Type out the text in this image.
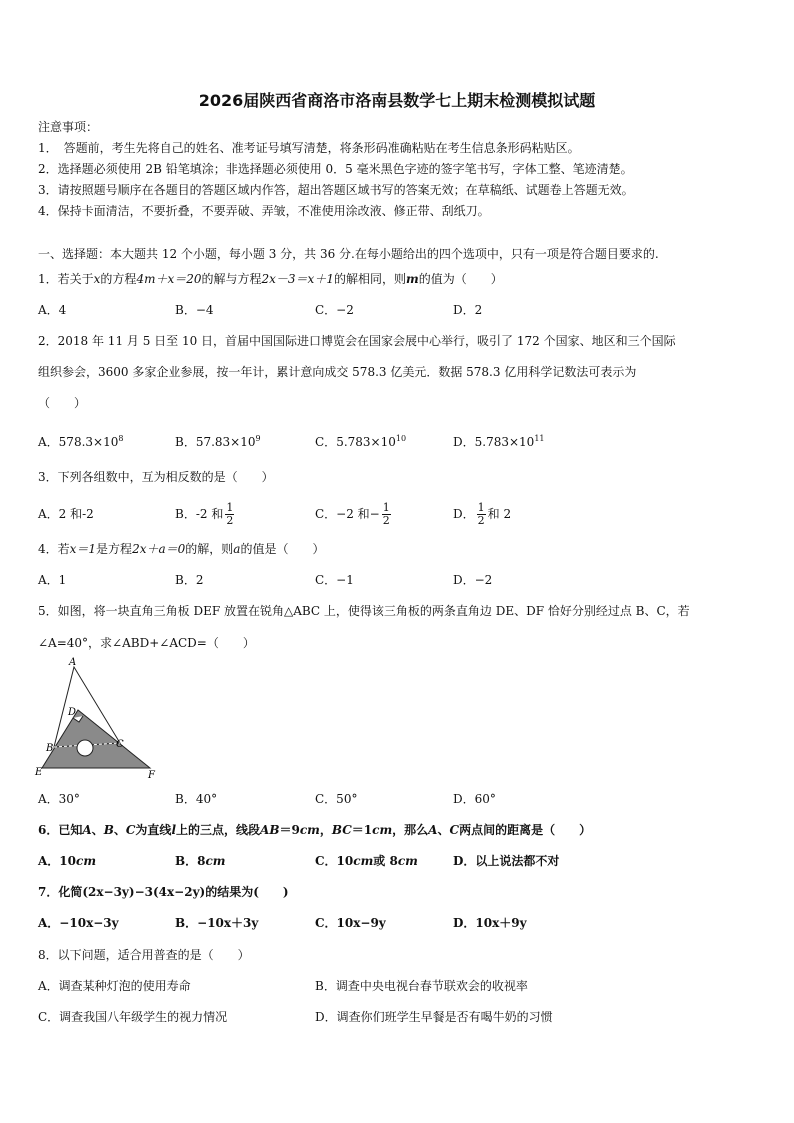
2026届陕西省商洛市洛南县数学七上期末检测模拟试题
注意事项：
1．　答题前，考生先将自己的姓名、准考证号填写清楚，将条形码准确粘贴在考生信息条形码粘贴区。
2．选择题必须使用 2B 铅笔填涂；非选择题必须使用 0．5 毫米黑色字迹的签字笔书写，字体工整、笔迹清楚。
3．请按照题号顺序在各题目的答题区域内作答，超出答题区域书写的答案无效；在草稿纸、试题卷上答题无效。
4．保持卡面清洁，不要折叠，不要弄破、弄皱，不准使用涂改液、修正带、刮纸刀。
一、选择题：本大题共 12 个小题，每小题 3 分，共 36 分.在每小题给出的四个选项中，只有一项是符合题目要求的.
1．若关于x的方程4m＋x＝20的解与方程2x－3＝x＋1的解相同，则m的值为（　　）
A．4	B．−4	C．−2	D．2
2．2018 年 11 月 5 日至 10 日，首届中国国际进口博览会在国家会展中心举行，吸引了 172 个国家、地区和三个国际
组织参会，3600 多家企业参展，按一年计，累计意向成交 578.3 亿美元．数据 578.3 亿用科学记数法可表示为
（　　）
A．$578.3\times 10^8$	B．$57.83\times 10^9$	C．$5.783\times 10^{10}$	D．$5.783\times 10^{11}$
3．下列各组数中，互为相反数的是（　　）
A．2 和-2	B．-2 和 $\frac{1}{2}$	C．−2 和− $\frac{1}{2}$	D． $\frac{1}{2}$ 和 2
4．若x＝1是方程2x＋a＝0的解，则a的值是（　　）
A．1	B．2	C．−1	D．−2
5．如图，将一块直角三角板 DEF 放置在锐角△ABC 上，使得该三角板的两条直角边 DE、DF 恰好分别经过点 B、C，若
∠A=40°，求∠ABD+∠ACD=（　　）
A
D
B	C
E	F
A．30°	B．40°	C．50°	D．60°
6．已知A、B、C为直线l上的三点，线段AB＝9cm，BC＝1cm，那么A、C两点间的距离是（　　）
A．10cm	B．8cm	C．10cm或 8cm	D．以上说法都不对
7．化简(2x−3y)−3(4x−2y)的结果为(　　)
A．−10x−3y	B．−10x＋3y	C．10x−9y	D．10x＋9y
8．以下问题，适合用普查的是（　　）
A．调查某种灯泡的使用寿命	B．调查中央电视台春节联欢会的收视率
C．调查我国八年级学生的视力情况	D．调查你们班学生早餐是否有喝牛奶的习惯
